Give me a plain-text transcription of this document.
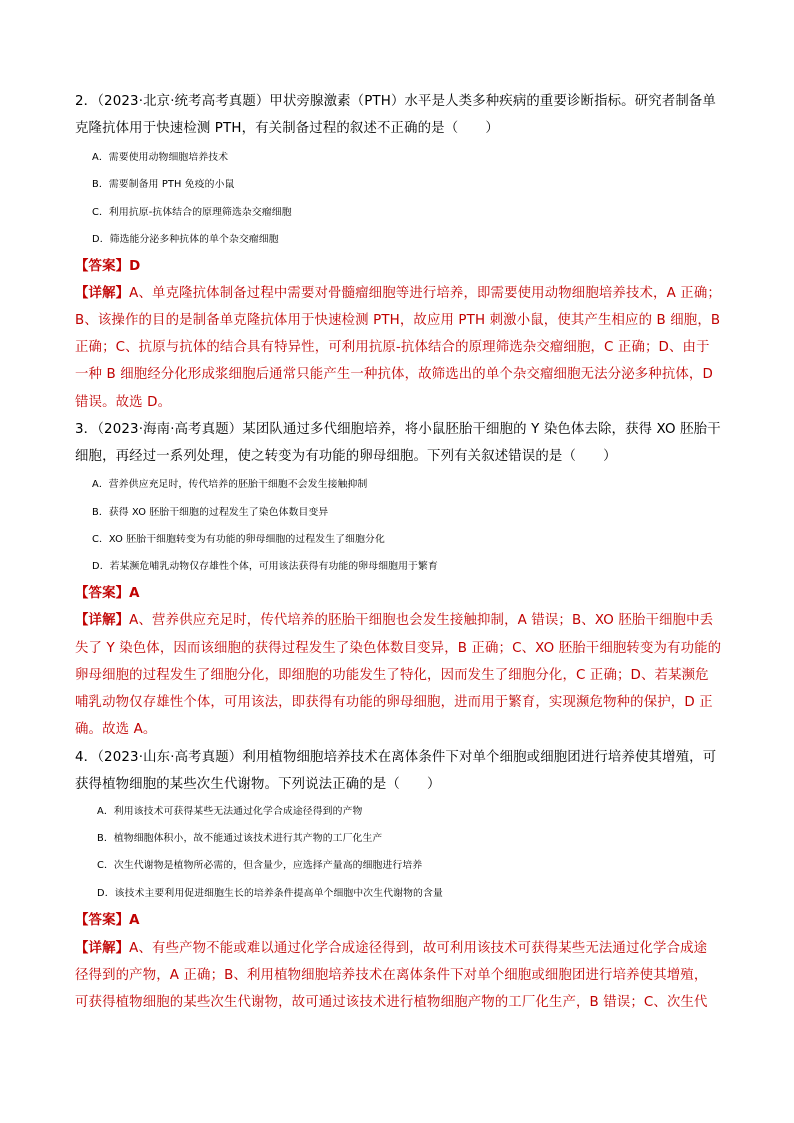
2．（2023·北京·统考高考真题）甲状旁腺激素（PTH）水平是人类多种疾病的重要诊断指标。研究者制备单
克隆抗体用于快速检测 PTH，有关制备过程的叙述不正确的是（　　）
A．需要使用动物细胞培养技术
B．需要制备用 PTH 免疫的小鼠
C．利用抗原-抗体结合的原理筛选杂交瘤细胞
D．筛选能分泌多种抗体的单个杂交瘤细胞
【答案】D
【详解】A、单克隆抗体制备过程中需要对骨髓瘤细胞等进行培养，即需要使用动物细胞培养技术，A 正确；
B、该操作的目的是制备单克隆抗体用于快速检测 PTH，故应用 PTH 刺激小鼠，使其产生相应的 B 细胞，B
正确；C、抗原与抗体的结合具有特异性，可利用抗原-抗体结合的原理筛选杂交瘤细胞，C 正确；D、由于
一种 B 细胞经分化形成浆细胞后通常只能产生一种抗体，故筛选出的单个杂交瘤细胞无法分泌多种抗体，D
错误。故选 D。
3．（2023·海南·高考真题）某团队通过多代细胞培养，将小鼠胚胎干细胞的 Y 染色体去除，获得 XO 胚胎干
细胞，再经过一系列处理，使之转变为有功能的卵母细胞。下列有关叙述错误的是（　　）
A．营养供应充足时，传代培养的胚胎干细胞不会发生接触抑制
B．获得 XO 胚胎干细胞的过程发生了染色体数目变异
C．XO 胚胎干细胞转变为有功能的卵母细胞的过程发生了细胞分化
D．若某濒危哺乳动物仅存雄性个体，可用该法获得有功能的卵母细胞用于繁育
【答案】A
【详解】A、营养供应充足时，传代培养的胚胎干细胞也会发生接触抑制，A 错误；B、XO 胚胎干细胞中丢
失了 Y 染色体，因而该细胞的获得过程发生了染色体数目变异，B 正确；C、XO 胚胎干细胞转变为有功能的
卵母细胞的过程发生了细胞分化，即细胞的功能发生了特化，因而发生了细胞分化，C 正确；D、若某濒危
哺乳动物仅存雄性个体，可用该法，即获得有功能的卵母细胞，进而用于繁育，实现濒危物种的保护，D 正
确。故选 A。
4．（2023·山东·高考真题）利用植物细胞培养技术在离体条件下对单个细胞或细胞团进行培养使其增殖，可
获得植物细胞的某些次生代谢物。下列说法正确的是（　　）
A．利用该技术可获得某些无法通过化学合成途径得到的产物
B．植物细胞体积小，故不能通过该技术进行其产物的工厂化生产
C．次生代谢物是植物所必需的，但含量少，应选择产量高的细胞进行培养
D．该技术主要利用促进细胞生长的培养条件提高单个细胞中次生代谢物的含量
【答案】A
【详解】A、有些产物不能或难以通过化学合成途径得到，故可利用该技术可获得某些无法通过化学合成途
径得到的产物，A 正确；B、利用植物细胞培养技术在离体条件下对单个细胞或细胞团进行培养使其增殖，
可获得植物细胞的某些次生代谢物，故可通过该技术进行植物细胞产物的工厂化生产，B 错误；C、次生代
